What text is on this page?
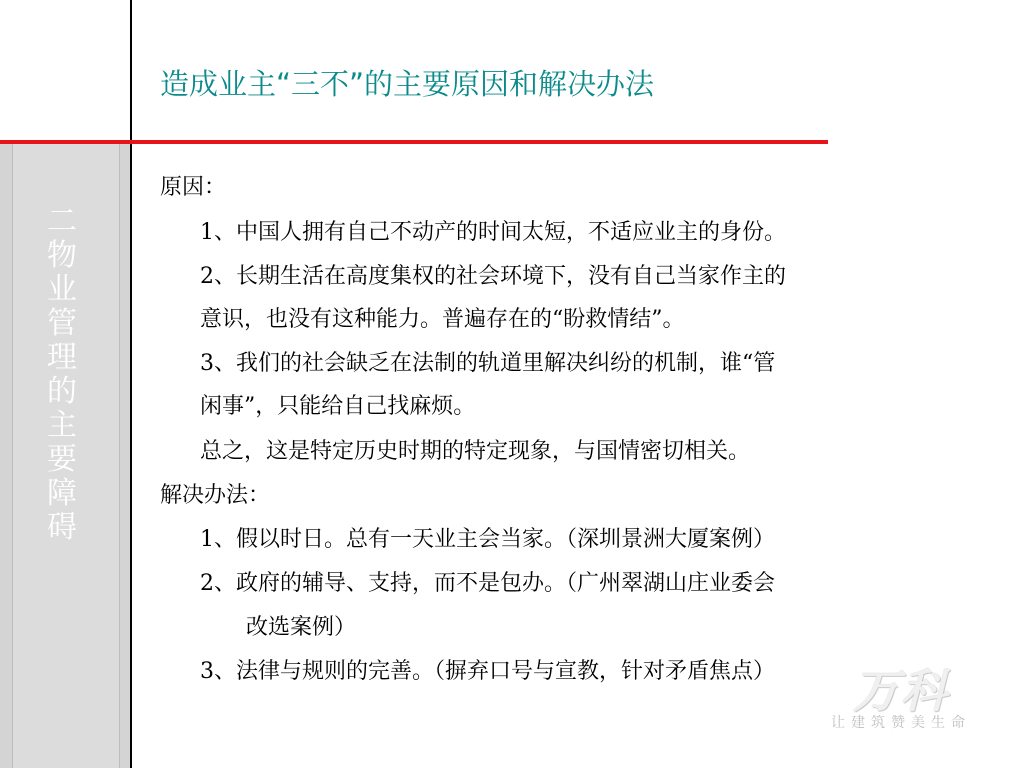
二 物业管理的主要障碍
造成业主“三不”的主要原因和解决办法
原因：
1、中国人拥有自己不动产的时间太短，不适应业主的身份。
2、长期生活在高度集权的社会环境下，没有自己当家作主的
意识，也没有这种能力。普遍存在的“盼救情结”。
3、我们的社会缺乏在法制的轨道里解决纠纷的机制，谁“管
闲事”，只能给自己找麻烦。
总之，这是特定历史时期的特定现象，与国情密切相关。
解决办法：
1、假以时日。总有一天业主会当家。（深圳景洲大厦案例）
2、政府的辅导、支持，而不是包办。（广州翠湖山庄业委会
改选案例）
3、法律与规则的完善。（摒弃口号与宣教，针对矛盾焦点）	万科
让建筑赞美生命
